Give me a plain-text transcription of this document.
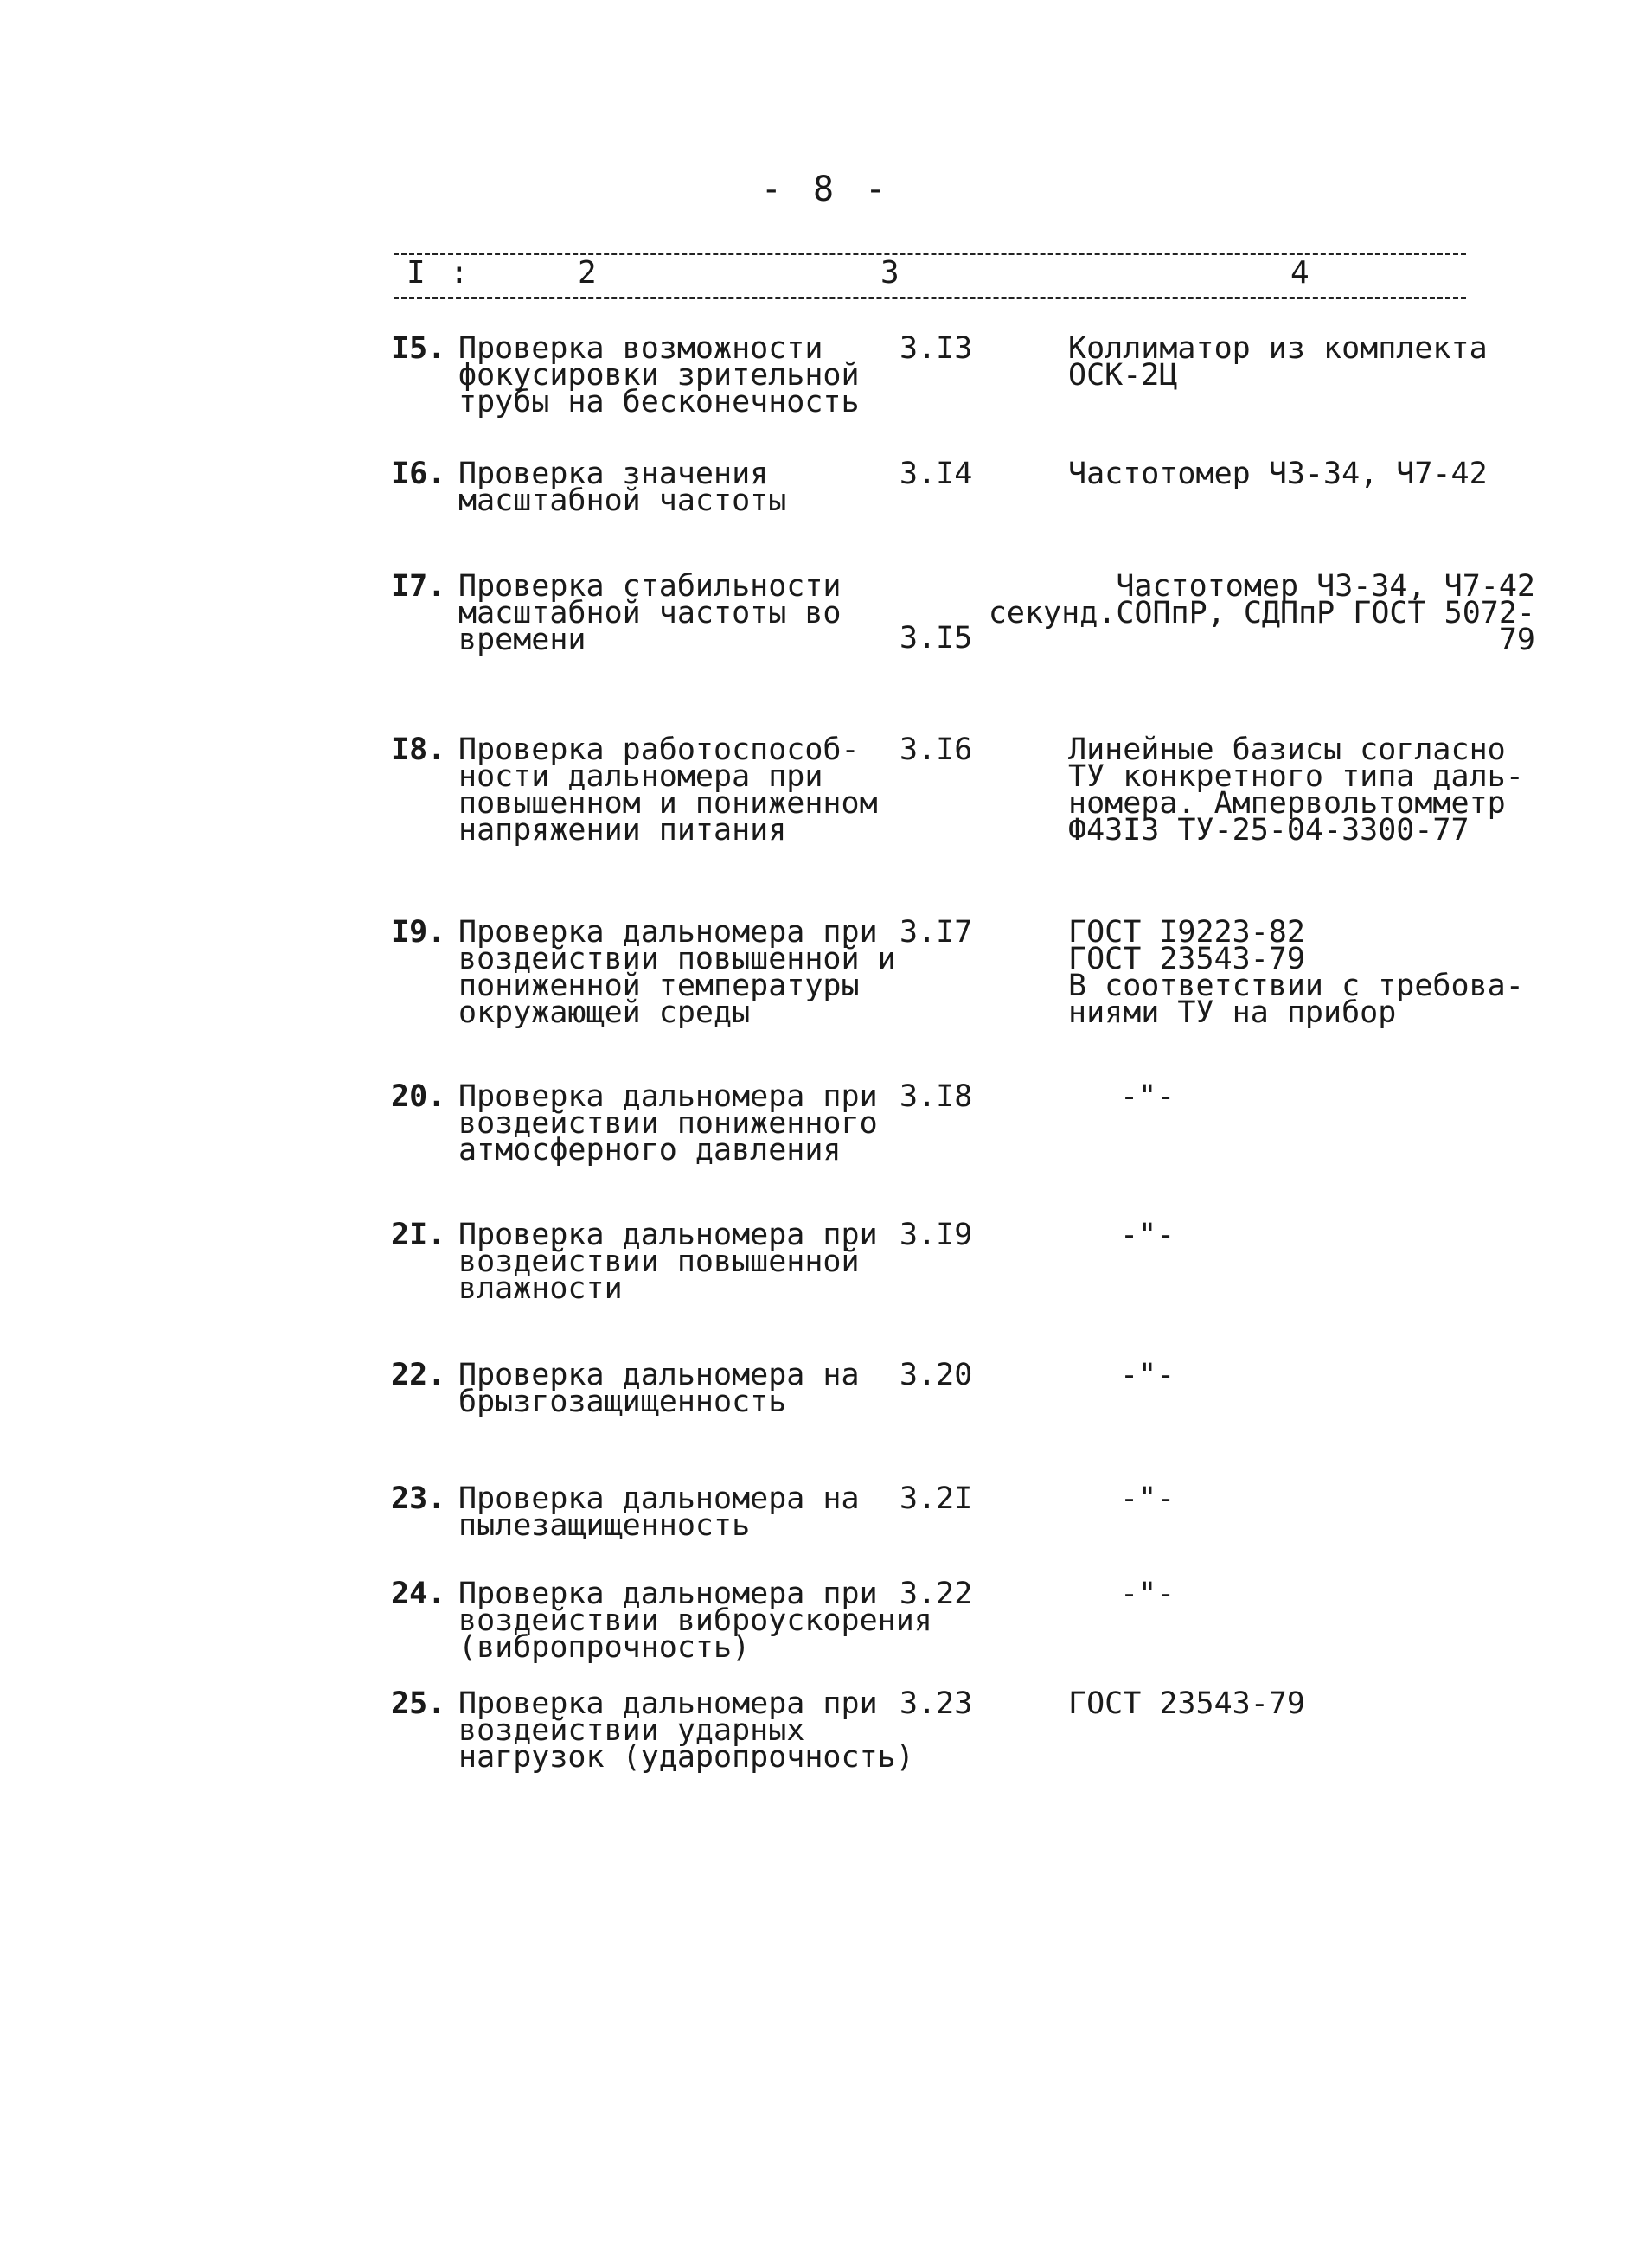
- 8 -
I :	2	3	4
I5. Проверка возможности
фокусировки зрительной
трубы на бесконечность
3.I3	Коллиматор из комплекта
ОСК-2Ц
I6. Проверка значения
масштабной частоты
3.I4	Частотомер Ч3-34, Ч7-42
I7. Проверка стабильности
масштабной частоты во
времени	3.I5
Частотомер Ч3-34, Ч7-42
секунд.СОПпР, СДПпР ГОСТ 5072-79
I8. Проверка работоспособ-
ности дальномера при
повышенном и пониженном
напряжении питания
3.I6	Линейные базисы согласно
ТУ конкретного типа даль-
номера. Ампервольтомметр
Ф43I3 ТУ-25-04-3300-77
I9. Проверка дальномера при
воздействии повышенной и
пониженной температуры
окружающей среды
3.I7	ГОСТ I9223-82
ГОСТ 23543-79
В соответствии с требова-
ниями ТУ на прибор
20. Проверка дальномера при
воздействии пониженного
атмосферного давления
3.I8	-"-
2I. Проверка дальномера при
воздействии повышенной
влажности
3.I9	-"-
22. Проверка дальномера на
брызгозащищенность
3.20	-"-
23. Проверка дальномера на
пылезащищенность
3.2I	-"-
24. Проверка дальномера при
воздействии виброускорения
(вибропрочность)
3.22	-"-
25. Проверка дальномера при
воздействии ударных
нагрузок (ударопрочность)
3.23	ГОСТ 23543-79
